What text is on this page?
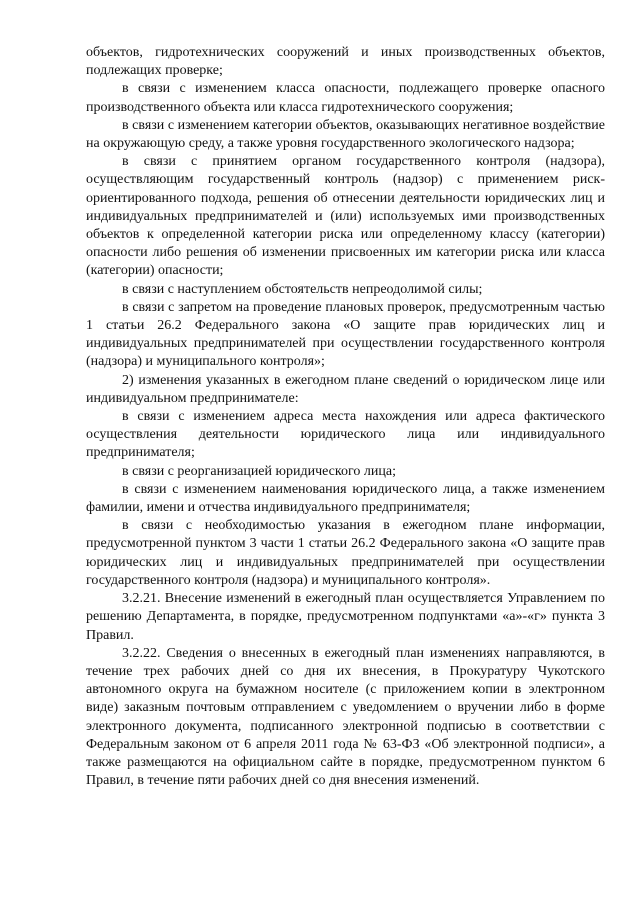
объектов, гидротехнических сооружений и иных производственных объектов, подлежащих проверке;

в связи с изменением класса опасности, подлежащего проверке опасного производственного объекта или класса гидротехнического сооружения;

в связи с изменением категории объектов, оказывающих негативное воздействие на окружающую среду, а также уровня государственного экологического надзора;

в связи с принятием органом государственного контроля (надзора), осуществляющим государственный контроль (надзор) с применением риск-ориентированного подхода, решения об отнесении деятельности юридических лиц и индивидуальных предпринимателей и (или) используемых ими производственных объектов к определенной категории риска или определенному классу (категории) опасности либо решения об изменении присвоенных им категории риска или класса (категории) опасности;

в связи с наступлением обстоятельств непреодолимой силы;

в связи с запретом на проведение плановых проверок, предусмотренным частью 1 статьи 26.2 Федерального закона «О защите прав юридических лиц и индивидуальных предпринимателей при осуществлении государственного контроля (надзора) и муниципального контроля»;

2) изменения указанных в ежегодном плане сведений о юридическом лице или индивидуальном предпринимателе:

в связи с изменением адреса места нахождения или адреса фактического осуществления деятельности юридического лица или индивидуального предпринимателя;

в связи с реорганизацией юридического лица;

в связи с изменением наименования юридического лица, а также изменением фамилии, имени и отчества индивидуального предпринимателя;

в связи с необходимостью указания в ежегодном плане информации, предусмотренной пунктом 3 части 1 статьи 26.2 Федерального закона «О защите прав юридических лиц и индивидуальных предпринимателей при осуществлении государственного контроля (надзора) и муниципального контроля».

3.2.21. Внесение изменений в ежегодный план осуществляется Управлением по решению Департамента, в порядке, предусмотренном подпунктами «а»-«г» пункта 3 Правил.

3.2.22. Сведения о внесенных в ежегодный план изменениях направляются, в течение трех рабочих дней со дня их внесения, в Прокуратуру Чукотского автономного округа на бумажном носителе (с приложением копии в электронном виде) заказным почтовым отправлением с уведомлением о вручении либо в форме электронного документа, подписанного электронной подписью в соответствии с Федеральным законом от 6 апреля 2011 года № 63-ФЗ «Об электронной подписи», а также размещаются на официальном сайте в порядке, предусмотренном пунктом 6 Правил, в течение пяти рабочих дней со дня внесения изменений.
